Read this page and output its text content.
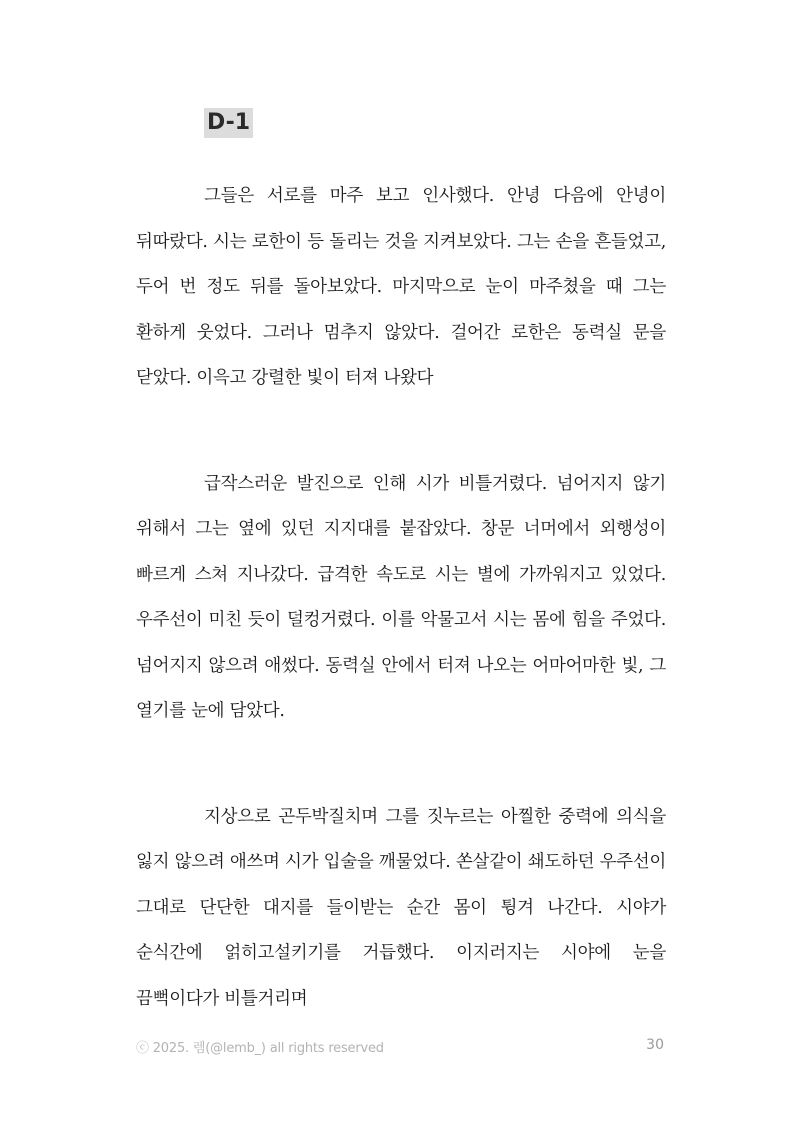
D-1

그들은 서로를 마주 보고 인사했다. 안녕 다음에 안녕이 뒤따랐다. 시는 로한이 등 돌리는 것을 지켜보았다. 그는 손을 흔들었고, 두어 번 정도 뒤를 돌아보았다. 마지막으로 눈이 마주쳤을 때 그는 환하게 웃었다. 그러나 멈추지 않았다. 걸어간 로한은 동력실 문을 닫았다. 이윽고 강렬한 빛이 터져 나왔다

급작스러운 발진으로 인해 시가 비틀거렸다. 넘어지지 않기 위해서 그는 옆에 있던 지지대를 붙잡았다. 창문 너머에서 외행성이 빠르게 스쳐 지나갔다. 급격한 속도로 시는 별에 가까워지고 있었다. 우주선이 미친 듯이 덜컹거렸다. 이를 악물고서 시는 몸에 힘을 주었다. 넘어지지 않으려 애썼다. 동력실 안에서 터져 나오는 어마어마한 빛, 그 열기를 눈에 담았다.

지상으로 곤두박질치며 그를 짓누르는 아찔한 중력에 의식을 잃지 않으려 애쓰며 시가 입술을 깨물었다. 쏜살같이 쇄도하던 우주선이 그대로 단단한 대지를 들이받는 순간 몸이 튕겨 나간다. 시야가 순식간에 얽히고설키기를 거듭했다. 이지러지는 시야에 눈을 끔뻑이다가 비틀거리며

ⓒ 2025. 렘(@lemb_) all rights reserved	30
